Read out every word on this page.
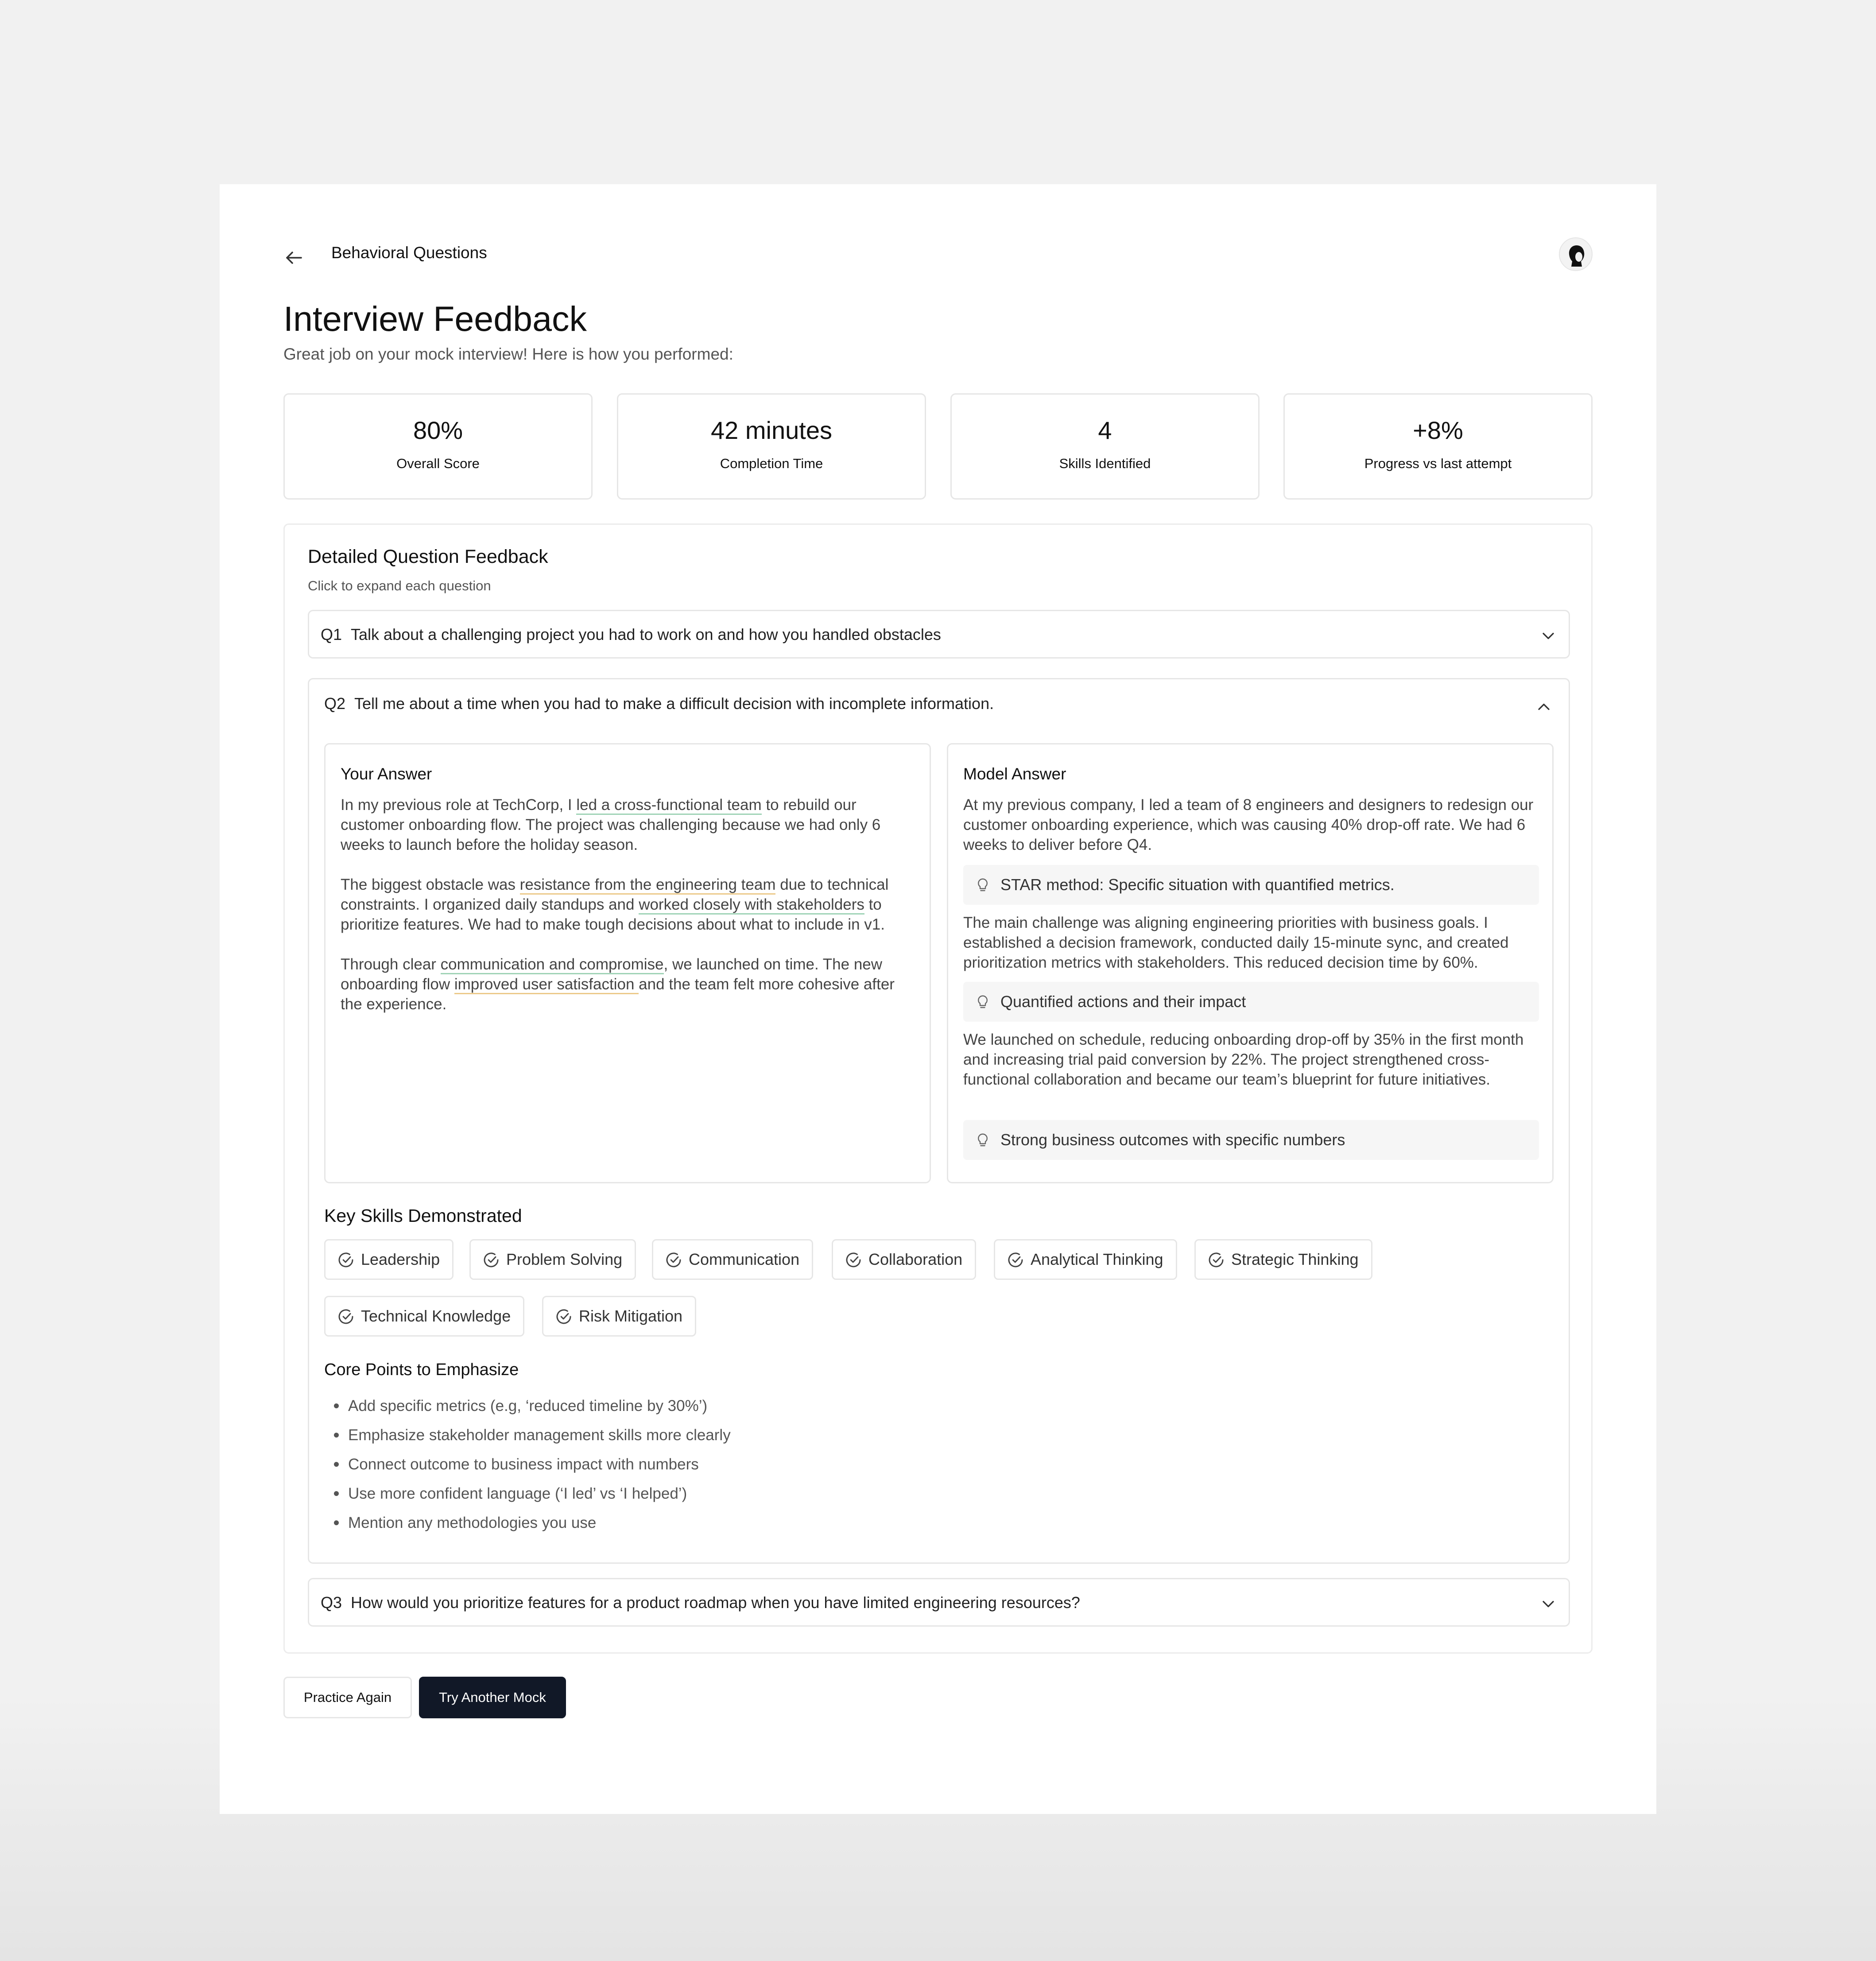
Behavioral Questions
Interview Feedback
Great job on your mock interview! Here is how you performed:
80%
Overall Score
42 minutes
Completion Time
4
Skills Identified
+8%
Progress vs last attempt
Detailed Question Feedback
Click to expand each question
Q1 Talk about a challenging project you had to work on and how you handled obstacles
Q2 Tell me about a time when you had to make a difficult decision with incomplete information.
Your Answer
In my previous role at TechCorp, I led a cross-functional team to rebuild our customer onboarding flow. The project was challenging because we had only 6 weeks to launch before the holiday season.
The biggest obstacle was resistance from the engineering team due to technical constraints. I organized daily standups and worked closely with stakeholders to prioritize features. We had to make tough decisions about what to include in v1.
Through clear communication and compromise, we launched on time. The new onboarding flow improved user satisfaction and the team felt more cohesive after the experience.
Model Answer
At my previous company, I led a team of 8 engineers and designers to redesign our customer onboarding experience, which was causing 40% drop-off rate. We had 6 weeks to deliver before Q4.
STAR method: Specific situation with quantified metrics.
The main challenge was aligning engineering priorities with business goals. I established a decision framework, conducted daily 15-minute sync, and created prioritization metrics with stakeholders. This reduced decision time by 60%.
Quantified actions and their impact
We launched on schedule, reducing onboarding drop-off by 35% in the first month and increasing trial paid conversion by 22%. The project strengthened cross-functional collaboration and became our team’s blueprint for future initiatives.
Strong business outcomes with specific numbers
Key Skills Demonstrated
Leadership	Problem Solving	Communication	Collaboration	Analytical Thinking	Strategic Thinking
Technical Knowledge	Risk Mitigation
Core Points to Emphasize
Add specific metrics (e.g, ‘reduced timeline by 30%’)
Emphasize stakeholder management skills more clearly
Connect outcome to business impact with numbers
Use more confident language (‘I led’ vs ‘I helped’)
Mention any methodologies you use
Q3 How would you prioritize features for a product roadmap when you have limited engineering resources?
Practice Again	Try Another Mock
